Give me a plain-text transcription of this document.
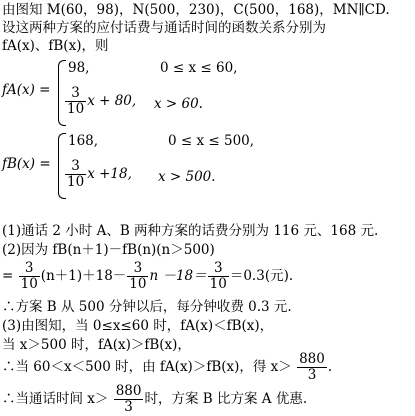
由图知 M(60，98)，N(500，230)，C(500，168)，MN∥CD.
设这两种方案的应付话费与通话时间的函数关系分别为
fA(x)、fB(x)，则
fA(x) =
98,	0 ≤ x ≤ 60,
$\frac{3}{10}$ x + 80, x > 60.
fB(x) =
168,	0 ≤ x ≤ 500,
$\frac{3}{10}$ x +18, x > 500.
(1)通话 2 小时 A、B 两种方案的话费分别为 116 元、168 元.
(2)因为 fB(n＋1)－fB(n)(n＞500)
= $\frac{3}{10} (n+1)+18- \frac{3}{10}$ $n -18= \frac{3}{10} =0.3$(元).
∴方案 B 从 500 分钟以后，每分钟收费 0.3 元.
(3)由图知，当 0≤x≤60 时，fA(x)＜fB(x)，
当 x＞500 时，fA(x)＞fB(x)，
∴当 60＜x＜500 时，由 fA(x)＞fB(x)，得 $x> \frac{880}{3}$ .
∴当通话时间 $x> \frac{880}{3}$ 时，方案 B 比方案 A 优惠.
